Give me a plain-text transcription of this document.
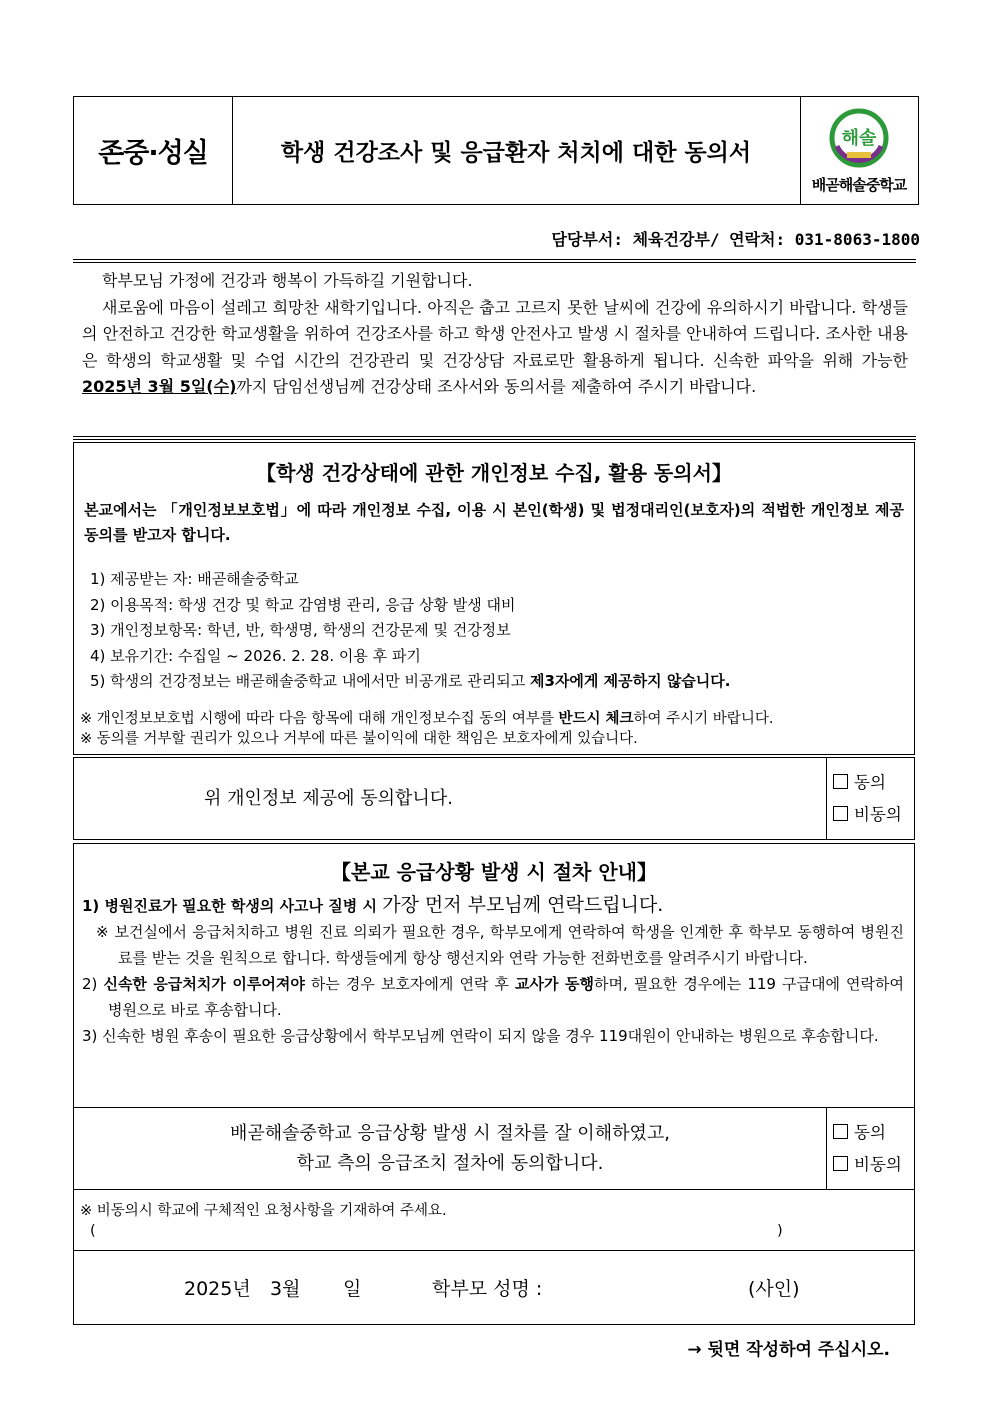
존중·성실	학생 건강조사 및 응급환자 처치에 대한 동의서
해솔
배곧해솔중학교
담당부서: 체육건강부/ 연락처: 031-8063-1800

학부모님 가정에 건강과 행복이 가득하길 기원합니다.

새로움에 마음이 설레고 희망찬 새학기입니다. 아직은 춥고 고르지 못한 날씨에 건강에 유의하시기 바랍니다. 학생들의 안전하고 건강한 학교생활을 위하여 건강조사를 하고 학생 안전사고 발생 시 절차를 안내하여 드립니다. 조사한 내용은 학생의 학교생활 및 수업 시간의 건강관리 및 건강상담 자료로만 활용하게 됩니다. 신속한 파악을 위해 가능한 2025년 3월 5일(수)까지 담임선생님께 건강상태 조사서와 동의서를 제출하여 주시기 바랍니다.

【학생 건강상태에 관한 개인정보 수집, 활용 동의서】
본교에서는 「개인정보보호법」에 따라 개인정보 수집, 이용 시 본인(학생) 및 법정대리인(보호자)의 적법한 개인정보 제공 동의를 받고자 합니다.
1) 제공받는 자: 배곧해솔중학교
2) 이용목적: 학생 건강 및 학교 감염병 관리, 응급 상황 발생 대비
3) 개인정보항목: 학년, 반, 학생명, 학생의 건강문제 및 건강정보
4) 보유기간: 수집일 ~ 2026. 2. 28. 이용 후 파기
5) 학생의 건강정보는 배곧해솔중학교 내에서만 비공개로 관리되고 제3자에게 제공하지 않습니다.
※ 개인정보보호법 시행에 따라 다음 항목에 대해 개인정보수집 동의 여부를 반드시 체크하여 주시기 바랍니다.
※ 동의를 거부할 권리가 있으나 거부에 따른 불이익에 대한 책임은 보호자에게 있습니다.
위 개인정보 제공에 동의합니다.
동의
비동의
【본교 응급상황 발생 시 절차 안내】

1) 병원진료가 필요한 학생의 사고나 질병 시 가장 먼저 부모님께 연락드립니다.

※ 보건실에서 응급처치하고 병원 진료 의뢰가 필요한 경우, 학부모에게 연락하여 학생을 인계한 후 학부모 동행하여 병원진료를 받는 것을 원칙으로 합니다. 학생들에게 항상 행선지와 연락 가능한 전화번호를 알려주시기 바랍니다.

2) 신속한 응급처치가 이루어져야 하는 경우 보호자에게 연락 후 교사가 동행하며, 필요한 경우에는 119 구급대에 연락하여 병원으로 바로 후송합니다.

3) 신속한 병원 후송이 필요한 응급상황에서 학부모님께 연락이 되지 않을 경우 119대원이 안내하는 병원으로 후송합니다.

배곧해솔중학교 응급상황 발생 시 절차를 잘 이해하였고,
학교 측의 응급조치 절차에 동의합니다.
동의
비동의
※ 비동의시 학교에 구체적인 요청사항을 기재하여 주세요.
(	)
2025년 3월 일	학부모 성명 :	(사인)
→ 뒷면 작성하여 주십시오.
